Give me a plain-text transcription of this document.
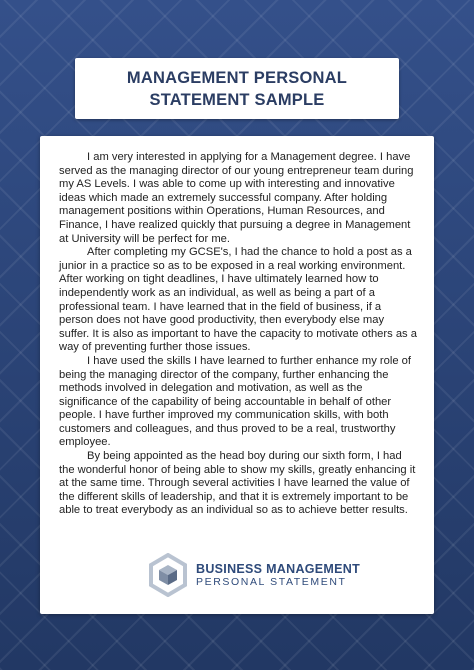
MANAGEMENT PERSONAL
STATEMENT SAMPLE

I am very interested in applying for a Management degree. I have served as the managing director of our young entrepreneur team during my AS Levels. I was able to come up with interesting and innovative ideas which made an extremely successful company. After holding management positions within Operations, Human Resources, and Finance, I have realized quickly that pursuing a degree in Management at University will be perfect for me.

After completing my GCSE's, I had the chance to hold a post as a junior in a practice so as to be exposed in a real working environment. After working on tight deadlines, I have ultimately learned how to independently work as an individual, as well as being a part of a professional team. I have learned that in the field of business, if a person does not have good productivity, then everybody else may suffer. It is also as important to have the capacity to motivate others as a way of preventing further those issues.

I have used the skills I have learned to further enhance my role of being the managing director of the company, further enhancing the methods involved in delegation and motivation, as well as the significance of the capability of being accountable in behalf of other people. I have further improved my communication skills, with both customers and colleagues, and thus proved to be a real, trustworthy employee.

By being appointed as the head boy during our sixth form, I had the wonderful honor of being able to show my skills, greatly enhancing it at the same time. Through several activities I have learned the value of the different skills of leadership, and that it is extremely important to be able to treat everybody as an individual so as to achieve better results.

BUSINESS MANAGEMENT
PERSONAL STATEMENT
